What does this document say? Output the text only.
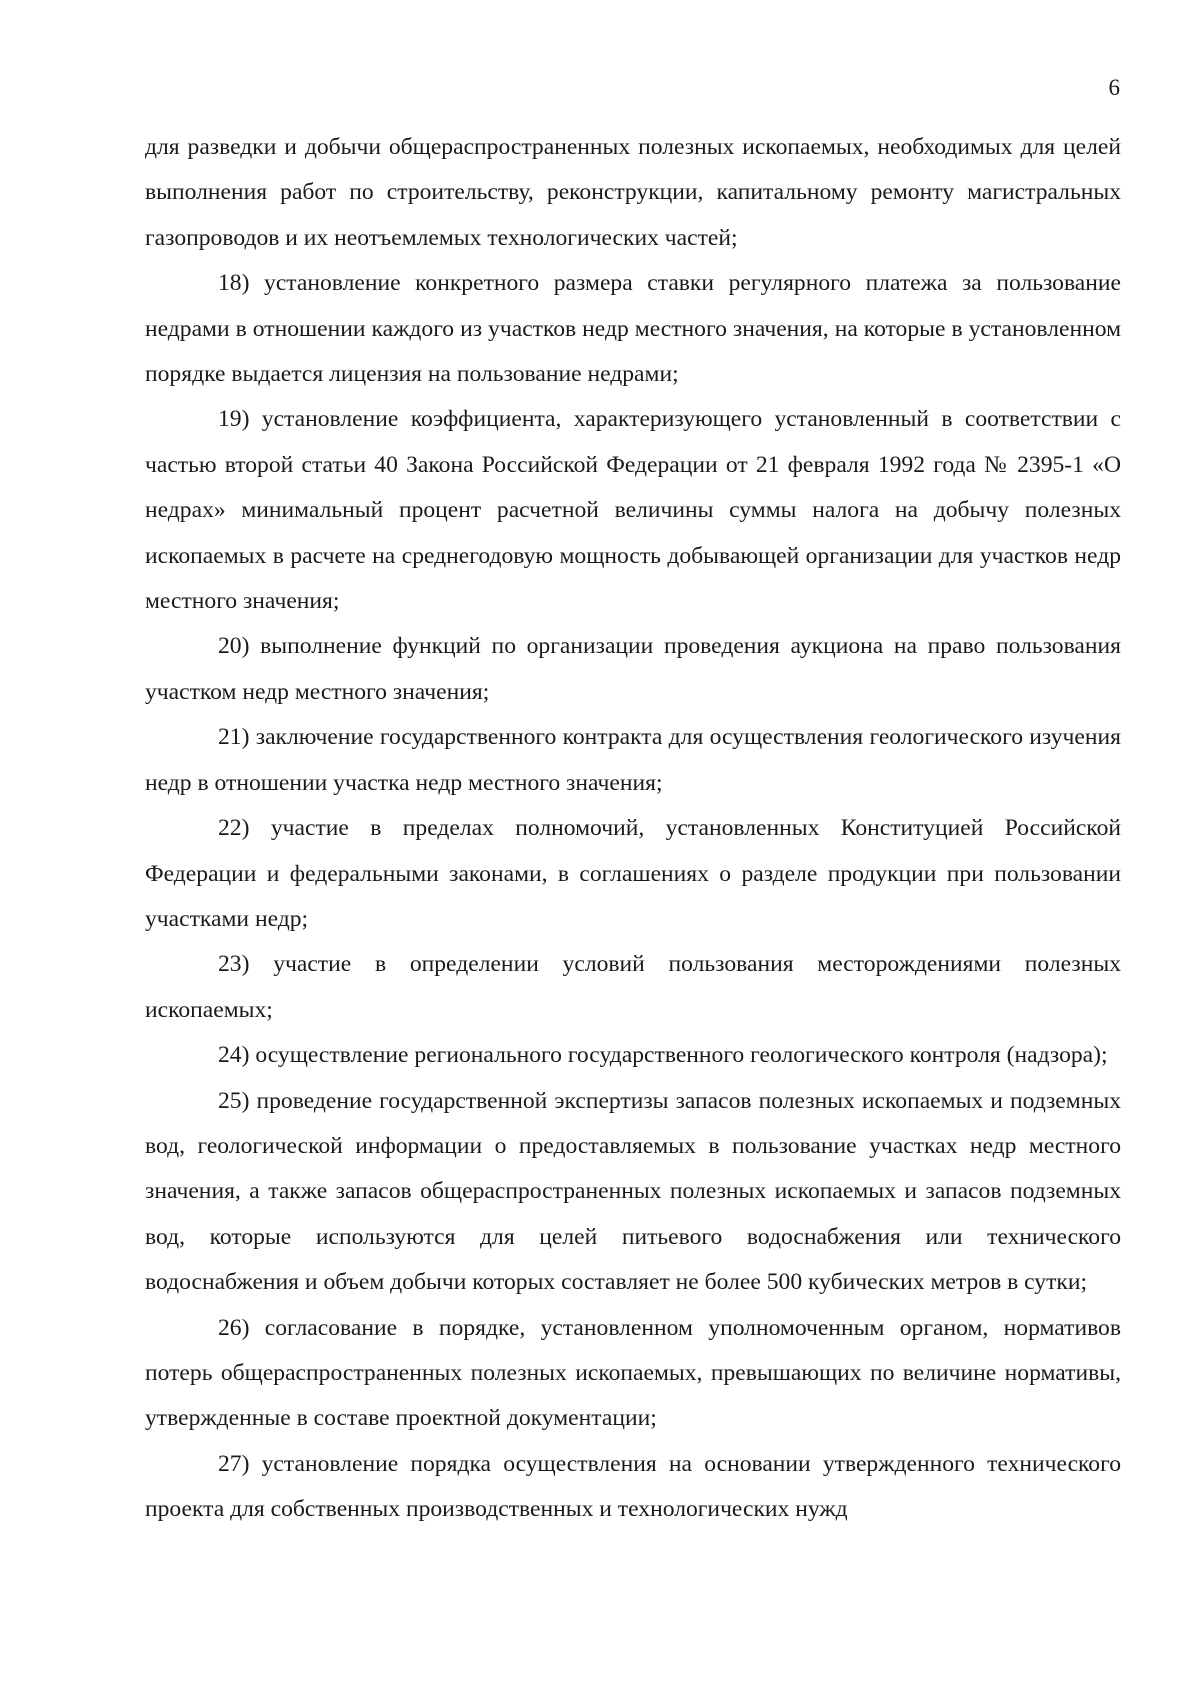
6

для разведки и добычи общераспространенных полезных ископаемых, необходимых для целей выполнения работ по строительству, реконструкции, капитальному ремонту магистральных газопроводов и их неотъемлемых технологических частей;

18) установление конкретного размера ставки регулярного платежа за пользование недрами в отношении каждого из участков недр местного значения, на которые в установленном порядке выдается лицензия на пользование недрами;

19) установление коэффициента, характеризующего установленный в соответствии с частью второй статьи 40 Закона Российской Федерации от 21 февраля 1992 года № 2395-1 «О недрах» минимальный процент расчетной величины суммы налога на добычу полезных ископаемых в расчете на среднегодовую мощность добывающей организации для участков недр местного значения;

20) выполнение функций по организации проведения аукциона на право пользования участком недр местного значения;

21) заключение государственного контракта для осуществления геологического изучения недр в отношении участка недр местного значения;

22) участие в пределах полномочий, установленных Конституцией Российской Федерации и федеральными законами, в соглашениях о разделе продукции при пользовании участками недр;

23) участие в определении условий пользования месторождениями полезных ископаемых;

24) осуществление регионального государственного геологического контроля (надзора);

25) проведение государственной экспертизы запасов полезных ископаемых и подземных вод, геологической информации о предоставляемых в пользование участках недр местного значения, а также запасов общераспространенных полезных ископаемых и запасов подземных вод, которые используются для целей питьевого водоснабжения или технического водоснабжения и объем добычи которых составляет не более 500 кубических метров в сутки;

26) согласование в порядке, установленном уполномоченным органом, нормативов потерь общераспространенных полезных ископаемых, превышающих по величине нормативы, утвержденные в составе проектной документации;

27) установление порядка осуществления на основании утвержденного технического проекта для собственных производственных и технологических нужд
